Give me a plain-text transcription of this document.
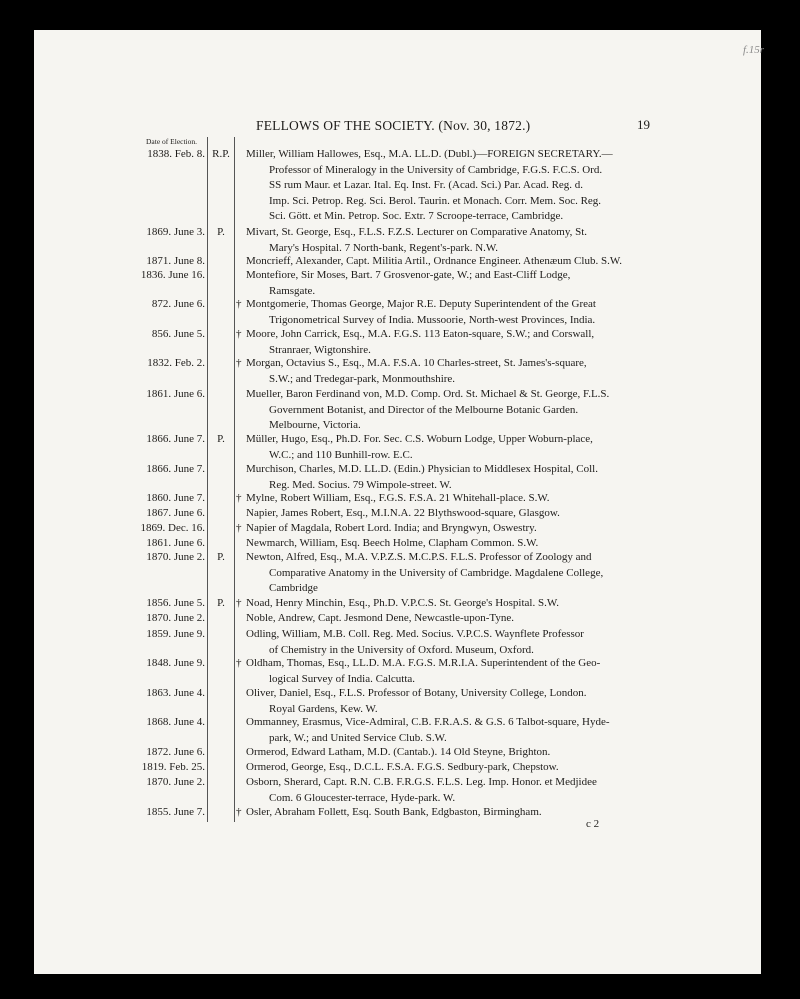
f.15r
FELLOWS OF THE SOCIETY. (Nov. 30, 1872.)	19
Date of Election.
1838. Feb. 8. R.P. Miller, William Hallowes, Esq., M.A. LL.D. (Dubl.)—FOREIGN SECRETARY.—
Professor of Mineralogy in the University of Cambridge, F.G.S. F.C.S. Ord.
SS rum Maur. et Lazar. Ital. Eq. Inst. Fr. (Acad. Sci.) Par. Acad. Reg. d.
Imp. Sci. Petrop. Reg. Sci. Berol. Taurin. et Monach. Corr. Mem. Soc. Reg.
Sci. Gött. et Min. Petrop. Soc. Extr. 7 Scroope-terrace, Cambridge.
1869. June 3.	P.	Mivart, St. George, Esq., F.L.S. F.Z.S. Lecturer on Comparative Anatomy, St.
Mary's Hospital. 7 North-bank, Regent's-park. N.W.
1871. June 8.	Moncrieff, Alexander, Capt. Militia Artil., Ordnance Engineer. Athenæum Club. S.W.
1836. June 16.	Montefiore, Sir Moses, Bart. 7 Grosvenor-gate, W.; and East-Cliff Lodge,
Ramsgate.
872. June 6.	† Montgomerie, Thomas George, Major R.E. Deputy Superintendent of the Great
Trigonometrical Survey of India. Mussoorie, North-west Provinces, India.
856. June 5.	† Moore, John Carrick, Esq., M.A. F.G.S. 113 Eaton-square, S.W.; and Corswall,
Stranraer, Wigtonshire.
1832. Feb. 2.	† Morgan, Octavius S., Esq., M.A. F.S.A. 10 Charles-street, St. James's-square,
S.W.; and Tredegar-park, Monmouthshire.
1861. June 6.	Mueller, Baron Ferdinand von, M.D. Comp. Ord. St. Michael & St. George, F.L.S.
Government Botanist, and Director of the Melbourne Botanic Garden.
Melbourne, Victoria.
1866. June 7.	P.	Müller, Hugo, Esq., Ph.D. For. Sec. C.S. Woburn Lodge, Upper Woburn-place,
W.C.; and 110 Bunhill-row. E.C.
1866. June 7.	Murchison, Charles, M.D. LL.D. (Edin.) Physician to Middlesex Hospital, Coll.
Reg. Med. Socius. 79 Wimpole-street. W.
1860. June 7.	† Mylne, Robert William, Esq., F.G.S. F.S.A. 21 Whitehall-place. S.W.
1867. June 6.	Napier, James Robert, Esq., M.I.N.A. 22 Blythswood-square, Glasgow.
1869. Dec. 16.	† Napier of Magdala, Robert Lord. India; and Bryngwyn, Oswestry.
1861. June 6.	Newmarch, William, Esq. Beech Holme, Clapham Common. S.W.
1870. June 2.	P.	Newton, Alfred, Esq., M.A. V.P.Z.S. M.C.P.S. F.L.S. Professor of Zoology and
Comparative Anatomy in the University of Cambridge. Magdalene College,
Cambridge
1856. June 5.	P.	† Noad, Henry Minchin, Esq., Ph.D. V.P.C.S. St. George's Hospital. S.W.
1870. June 2.	Noble, Andrew, Capt. Jesmond Dene, Newcastle-upon-Tyne.
1859. June 9.	Odling, William, M.B. Coll. Reg. Med. Socius. V.P.C.S. Waynflete Professor
of Chemistry in the University of Oxford. Museum, Oxford.
1848. June 9.	† Oldham, Thomas, Esq., LL.D. M.A. F.G.S. M.R.I.A. Superintendent of the Geo-
logical Survey of India. Calcutta.
1863. June 4.	Oliver, Daniel, Esq., F.L.S. Professor of Botany, University College, London.
Royal Gardens, Kew. W.
1868. June 4.	Ommanney, Erasmus, Vice-Admiral, C.B. F.R.A.S. & G.S. 6 Talbot-square, Hyde-
park, W.; and United Service Club. S.W.
1872. June 6.	Ormerod, Edward Latham, M.D. (Cantab.). 14 Old Steyne, Brighton.
1819. Feb. 25.	Ormerod, George, Esq., D.C.L. F.S.A. F.G.S. Sedbury-park, Chepstow.
1870. June 2.	Osborn, Sherard, Capt. R.N. C.B. F.R.G.S. F.L.S. Leg. Imp. Honor. et Medjidee
Com. 6 Gloucester-terrace, Hyde-park. W.
1855. June 7.	† Osler, Abraham Follett, Esq. South Bank, Edgbaston, Birmingham.
c 2
